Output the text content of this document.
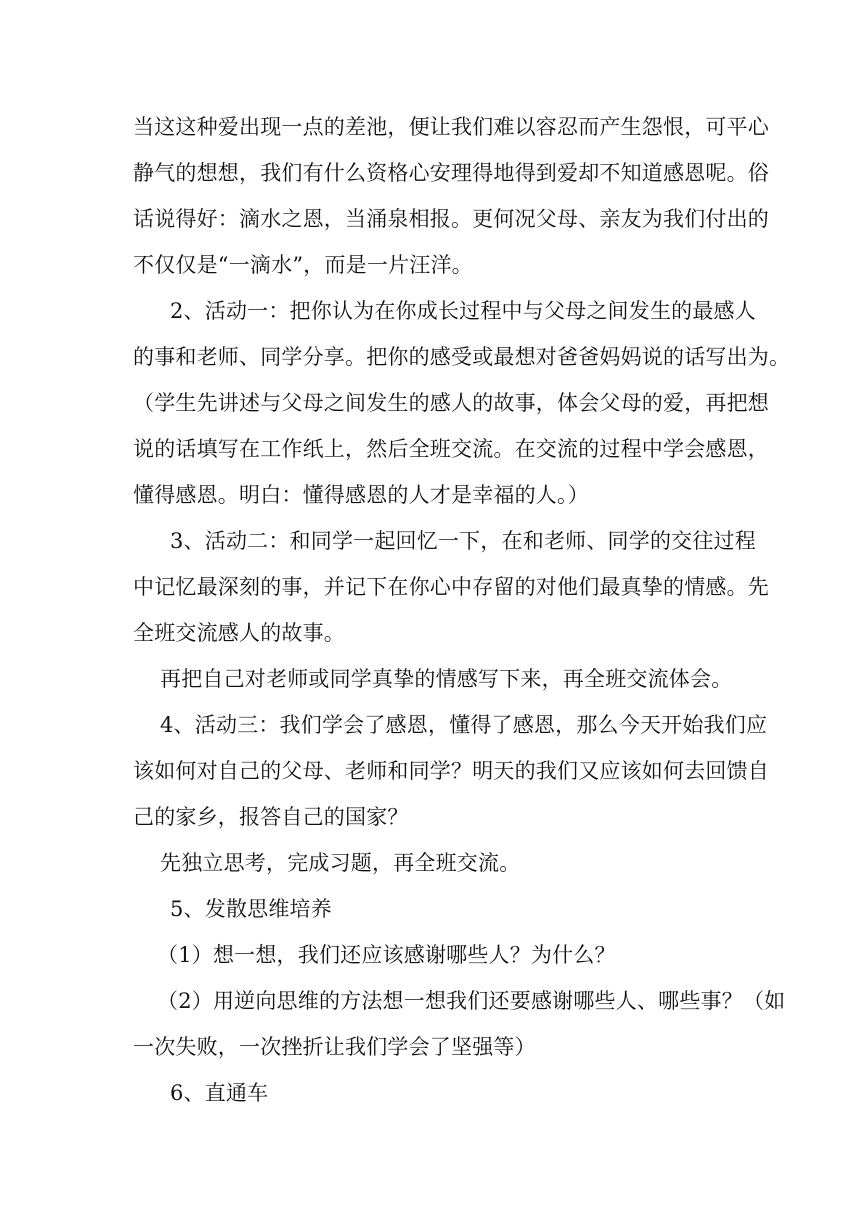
当这这种爱出现一点的差池，便让我们难以容忍而产生怨恨，可平心
静气的想想，我们有什么资格心安理得地得到爱却不知道感恩呢。俗
话说得好：滴水之恩，当涌泉相报。更何况父母、亲友为我们付出的
不仅仅是“一滴水”，而是一片汪洋。
2、活动一：把你认为在你成长过程中与父母之间发生的最感人
的事和老师、同学分享。把你的感受或最想对爸爸妈妈说的话写出为。
（学生先讲述与父母之间发生的感人的故事，体会父母的爱，再把想
说的话填写在工作纸上，然后全班交流。在交流的过程中学会感恩，
懂得感恩。明白：懂得感恩的人才是幸福的人。）
3、活动二：和同学一起回忆一下，在和老师、同学的交往过程
中记忆最深刻的事，并记下在你心中存留的对他们最真挚的情感。先
全班交流感人的故事。
再把自己对老师或同学真挚的情感写下来，再全班交流体会。
4、活动三：我们学会了感恩，懂得了感恩，那么今天开始我们应
该如何对自己的父母、老师和同学？明天的我们又应该如何去回馈自
己的家乡，报答自己的国家？
先独立思考，完成习题，再全班交流。
5、发散思维培养
（1）想一想，我们还应该感谢哪些人？为什么？
（2）用逆向思维的方法想一想我们还要感谢哪些人、哪些事？（如
一次失败，一次挫折让我们学会了坚强等）
6、直通车
